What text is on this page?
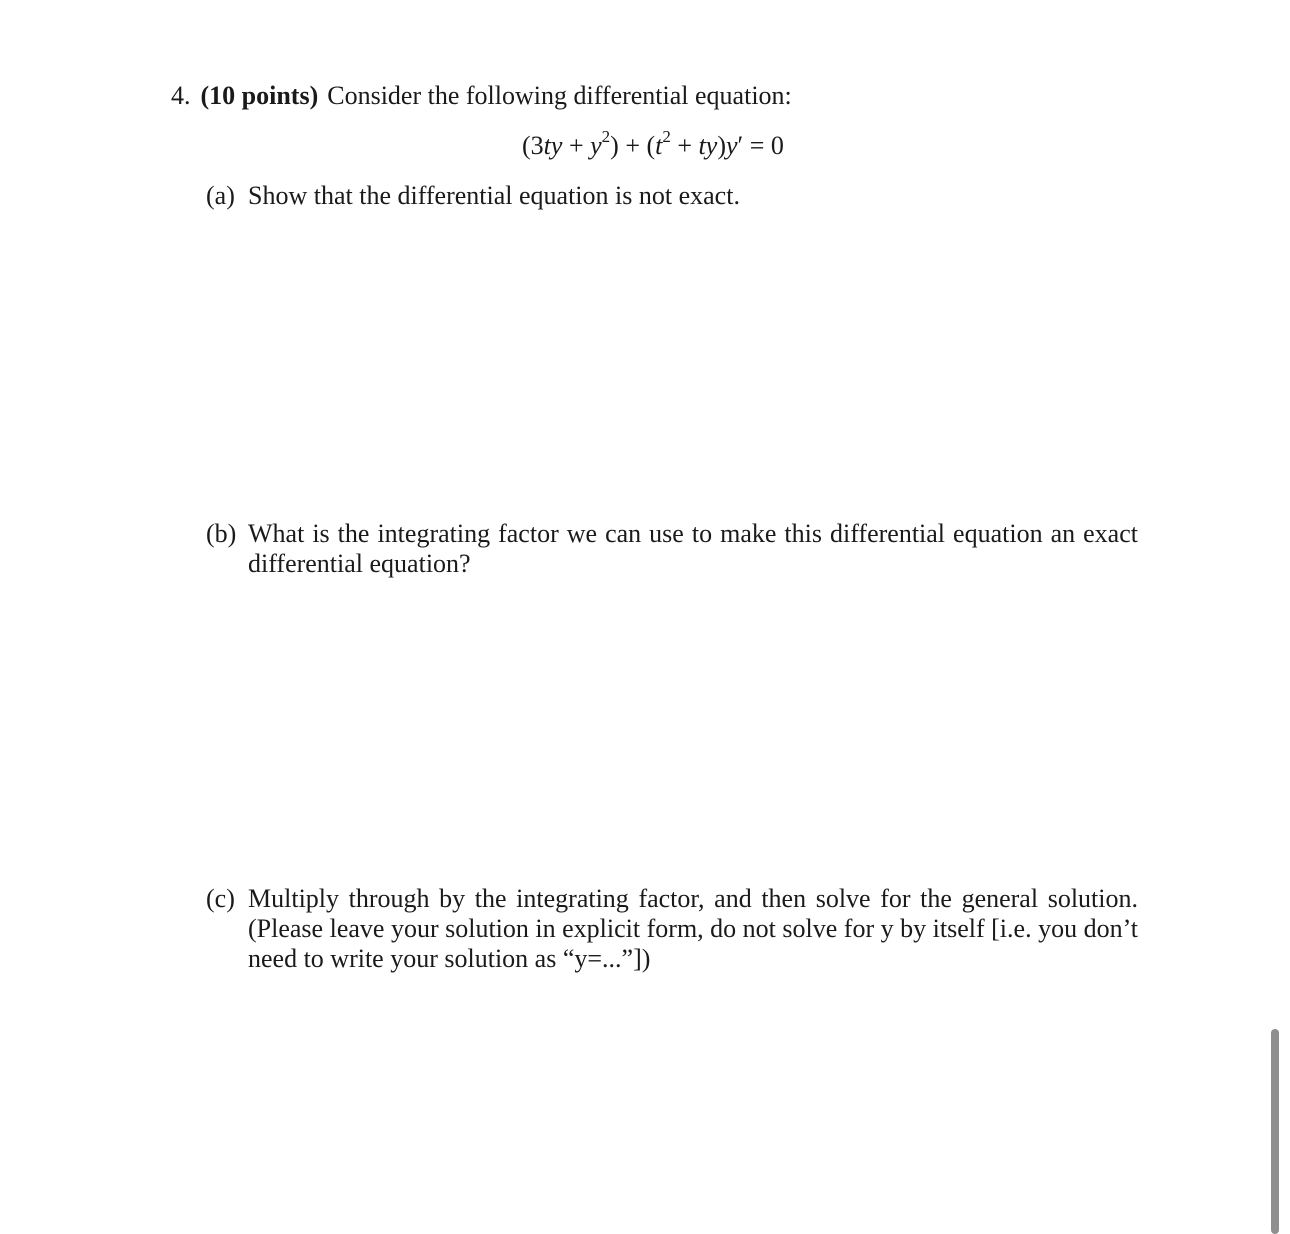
4. (10 points) Consider the following differential equation:
$(3ty + y^2) + (t^2 + ty)y' = 0$
(a) Show that the differential equation is not exact.
(b) What is the integrating factor we can use to make this differential equation an exact differential equation?
(c) Multiply through by the integrating factor, and then solve for the general solution. (Please leave your solution in explicit form, do not solve for y by itself [i.e. you don’t need to write your solution as “y=...”])
